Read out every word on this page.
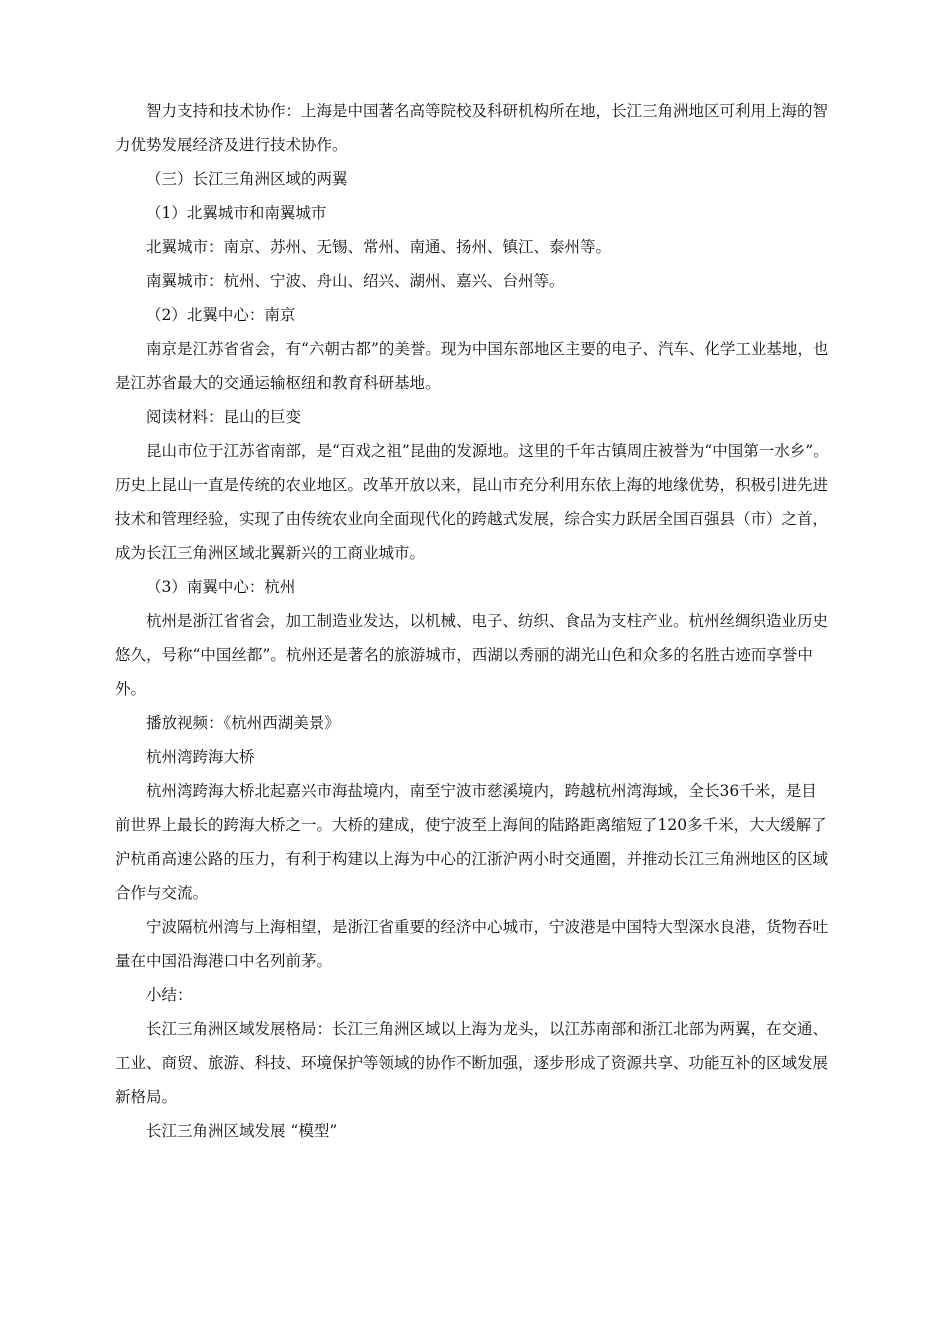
智力支持和技术协作：上海是中国著名高等院校及科研机构所在地，长江三角洲地区可利用上海的智力优势发展经济及进行技术协作。

（三）长江三角洲区域的两翼

（1）北翼城市和南翼城市

北翼城市：南京、苏州、无锡、常州、南通、扬州、镇江、泰州等。

南翼城市：杭州、宁波、舟山、绍兴、湖州、嘉兴、台州等。

（2）北翼中心：南京

南京是江苏省省会，有“六朝古都”的美誉。现为中国东部地区主要的电子、汽车、化学工业基地，也是江苏省最大的交通运输枢纽和教育科研基地。

阅读材料：昆山的巨变

昆山市位于江苏省南部，是“百戏之祖”昆曲的发源地。这里的千年古镇周庄被誉为“中国第一水乡”。历史上昆山一直是传统的农业地区。改革开放以来，昆山市充分利用东依上海的地缘优势，积极引进先进技术和管理经验，实现了由传统农业向全面现代化的跨越式发展，综合实力跃居全国百强县（市）之首，成为长江三角洲区域北翼新兴的工商业城市。

（3）南翼中心：杭州

杭州是浙江省省会，加工制造业发达，以机械、电子、纺织、食品为支柱产业。杭州丝绸织造业历史悠久，号称“中国丝都”。杭州还是著名的旅游城市，西湖以秀丽的湖光山色和众多的名胜古迹而享誉中外。

播放视频：《杭州西湖美景》

杭州湾跨海大桥

杭州湾跨海大桥北起嘉兴市海盐境内，南至宁波市慈溪境内，跨越杭州湾海域，全长36千米，是目前世界上最长的跨海大桥之一。大桥的建成，使宁波至上海间的陆路距离缩短了120多千米，大大缓解了沪杭甬高速公路的压力，有利于构建以上海为中心的江浙沪两小时交通圈，并推动长江三角洲地区的区域合作与交流。

宁波隔杭州湾与上海相望，是浙江省重要的经济中心城市，宁波港是中国特大型深水良港，货物吞吐量在中国沿海港口中名列前茅。

小结：

长江三角洲区域发展格局：长江三角洲区域以上海为龙头，以江苏南部和浙江北部为两翼，在交通、工业、商贸、旅游、科技、环境保护等领域的协作不断加强，逐步形成了资源共享、功能互补的区域发展新格局。

长江三角洲区域发展 “模型”
